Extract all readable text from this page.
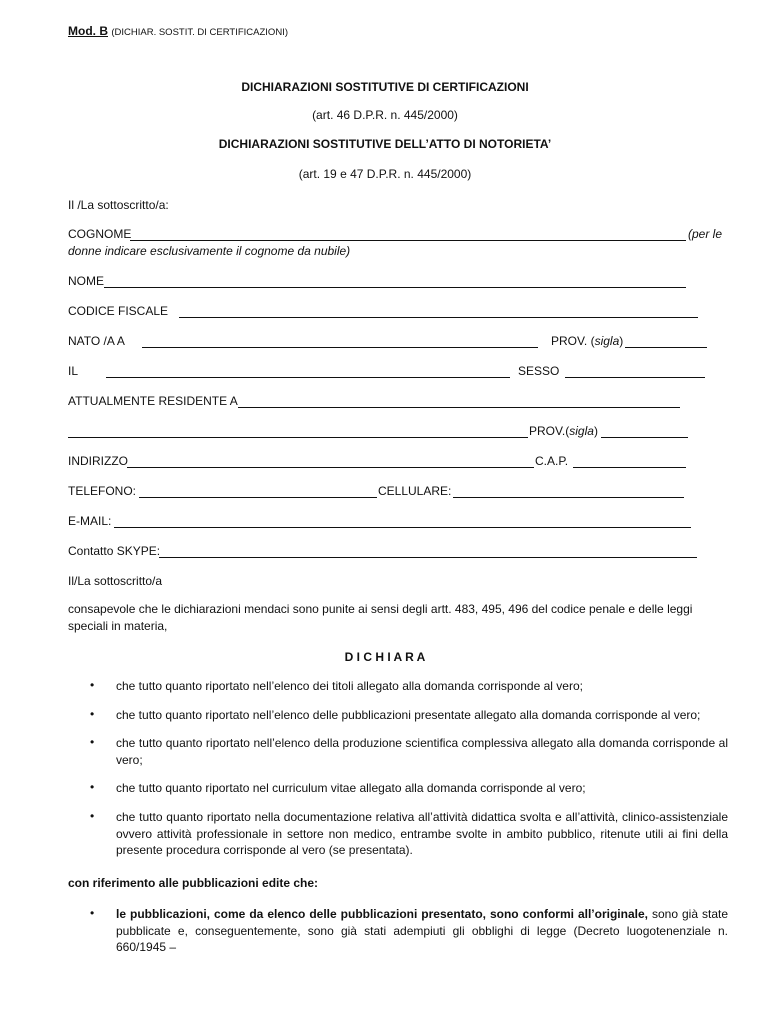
Mod. B (DICHIAR. SOSTIT. DI CERTIFICAZIONI)
DICHIARAZIONI SOSTITUTIVE DI CERTIFICAZIONI
(art. 46 D.P.R. n. 445/2000)
DICHIARAZIONI SOSTITUTIVE DELL’ATTO DI NOTORIETA’
(art. 19 e 47 D.P.R. n. 445/2000)
Il /La sottoscritto/a:
COGNOME	(per le
donne indicare esclusivamente il cognome da nubile)
NOME
CODICE FISCALE
NATO /A A	PROV. (sigla)
IL	SESSO
ATTUALMENTE RESIDENTE A
PROV.(sigla)
INDIRIZZO	C.A.P.
TELEFONO:	CELLULARE:
E-MAIL:
Contatto SKYPE:
Il/La sottoscritto/a
consapevole che le dichiarazioni mendaci sono punite ai sensi degli artt. 483, 495, 496 del codice penale e delle leggi speciali in materia,
D I C H I A R A
• che tutto quanto riportato nell’elenco dei titoli allegato alla domanda corrisponde al vero;
• che tutto quanto riportato nell’elenco delle pubblicazioni presentate allegato alla domanda corrisponde al vero;
• che tutto quanto riportato nell’elenco della produzione scientifica complessiva allegato alla domanda corrisponde al vero;
• che tutto quanto riportato nel curriculum vitae allegato alla domanda corrisponde al vero;
• che tutto quanto riportato nella documentazione relativa all’attività didattica svolta e all’attività, clinico-assistenziale ovvero attività professionale in settore non medico, entrambe svolte in ambito pubblico, ritenute utili ai fini della presente procedura corrisponde al vero (se presentata).
con riferimento alle pubblicazioni edite che:
• le pubblicazioni, come da elenco delle pubblicazioni presentato, sono conformi all’originale, sono già state pubblicate e, conseguentemente, sono già stati adempiuti gli obblighi di legge (Decreto luogotenenziale n. 660/1945 –
